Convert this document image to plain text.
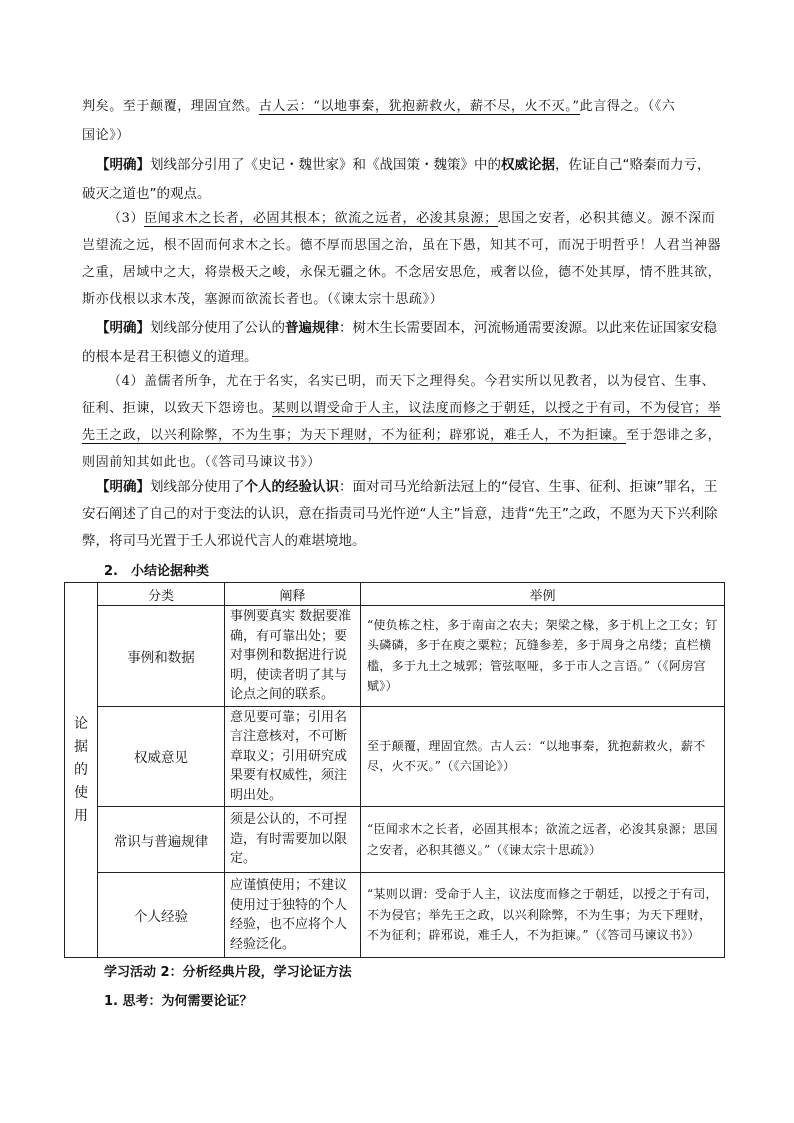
判矣。至于颠覆，理固宜然。古人云：“以地事秦，犹抱薪救火，薪不尽，火不灭。”此言得之。（《六
国论》）

【明确】划线部分引用了《史记・魏世家》和《战国策・魏策》中的权威论据，佐证自己“赂秦而力亏，破灭之道也”的观点。

（3）臣闻求木之长者，必固其根本；欲流之远者，必浚其泉源；思国之安者，必积其德义。源不深而岂望流之远，根不固而何求木之长。德不厚而思国之治，虽在下愚，知其不可，而况于明哲乎！人君当神器之重，居域中之大，将崇极天之峻，永保无疆之休。不念居安思危，戒奢以俭，德不处其厚，情不胜其欲，斯亦伐根以求木茂，塞源而欲流长者也。（《谏太宗十思疏》）

【明确】划线部分使用了公认的普遍规律：树木生长需要固本，河流畅通需要浚源。以此来佐证国家安稳的根本是君王积德义的道理。

（4）盖儒者所争，尤在于名实，名实已明，而天下之理得矣。今君实所以见教者，以为侵官、生事、征利、拒谏，以致天下怨谤也。某则以谓受命于人主，议法度而修之于朝廷，以授之于有司，不为侵官；举先王之政，以兴利除弊，不为生事；为天下理财，不为征利；辟邪说，难壬人，不为拒谏。至于怨诽之多，则固前知其如此也。（《答司马谏议书》）

【明确】划线部分使用了个人的经验认识：面对司马光给新法冠上的“侵官、生事、征利、拒谏”罪名，王安石阐述了自己的对于变法的认识，意在指责司马光忤逆“人主”旨意，违背“先王”之政，不愿为天下兴利除弊，将司马光置于壬人邪说代言人的难堪境地。

2.　小结论据种类
论
据
的
使
用	分类	阐释	举例
	事例和数据	事例要真实 数据要准确，有可靠出处；要对事例和数据进行说明，使读者明了其与论点之间的联系。	“使负栋之柱，多于南亩之农夫；架梁之椽，多于机上之工女；钉头磷磷，多于在庾之粟粒；瓦缝参差，多于周身之帛缕；直栏横槛，多于九土之城郭；管弦呕哑，多于市人之言语。”（《阿房宫赋》）
	权威意见	意见要可靠；引用名言注意核对，不可断章取义；引用研究成果要有权威性，须注明出处。	至于颠覆，理固宜然。古人云：“以地事秦，犹抱薪救火，薪不尽，火不灭。”（《六国论》）
	常识与普遍规律	须是公认的，不可捏造，有时需要加以限定。	“臣闻求木之长者，必固其根本；欲流之远者，必浚其泉源；思国之安者，必积其德义。”（《谏太宗十思疏》）
	个人经验	应谨慎使用；不建议使用过于独特的个人经验，也不应将个人经验泛化。	“某则以谓：受命于人主，议法度而修之于朝廷，以授之于有司，不为侵官；举先王之政，以兴利除弊，不为生事；为天下理财，不为征利；辟邪说，难壬人，不为拒谏。”（《答司马谏议书》）
学习活动 2：分析经典片段，学习论证方法
1. 思考：为何需要论证？
